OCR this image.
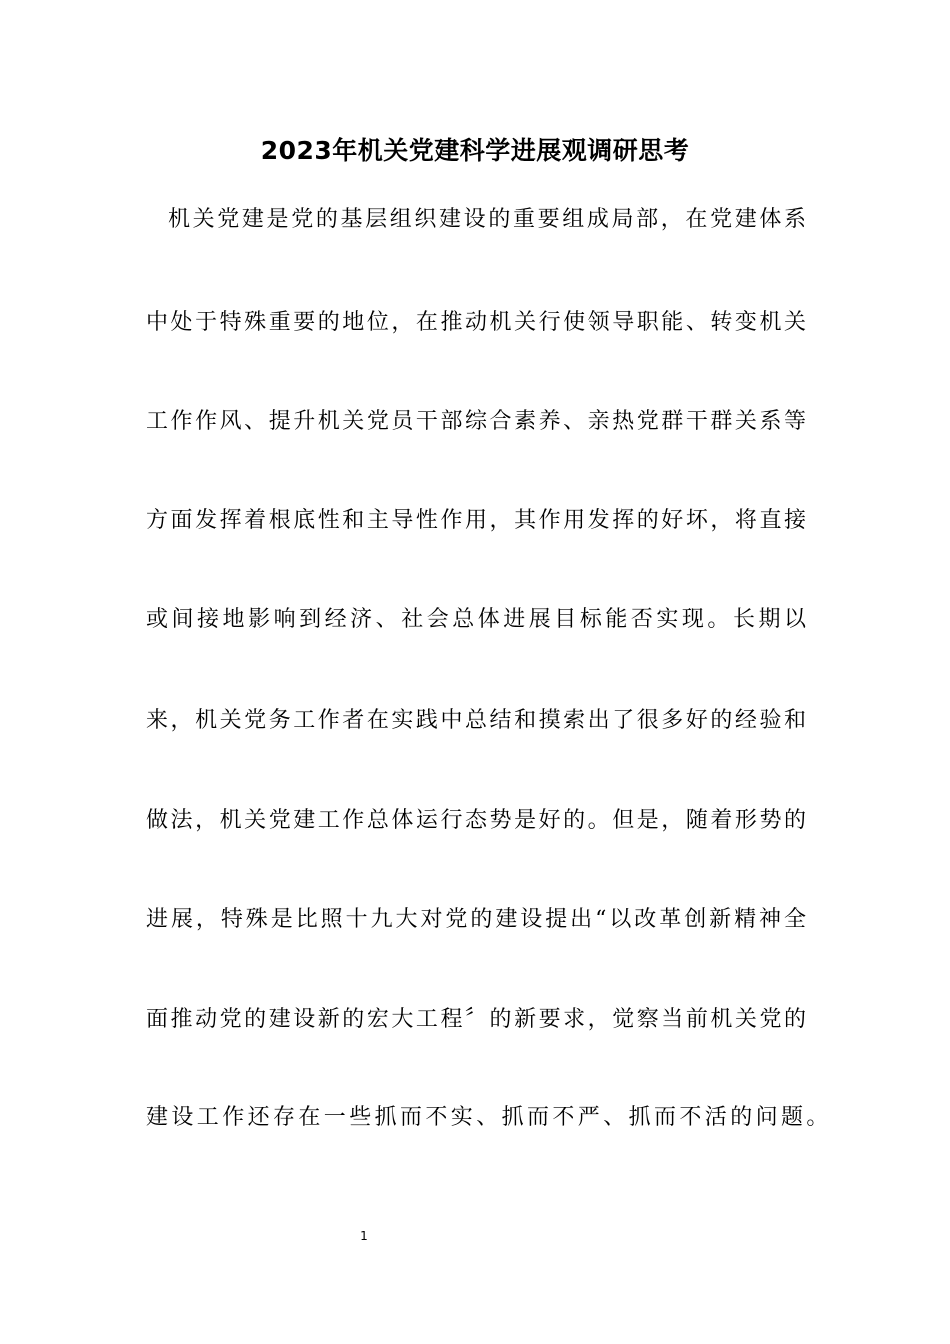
2023年机关党建科学进展观调研思考
机关党建是党的基层组织建设的重要组成局部，在党建体系
中处于特殊重要的地位，在推动机关行使领导职能、转变机关
工作作风、提升机关党员干部综合素养、亲热党群干群关系等
方面发挥着根底性和主导性作用，其作用发挥的好坏，将直接
或间接地影响到经济、社会总体进展目标能否实现。长期以
来，机关党务工作者在实践中总结和摸索出了很多好的经验和
做法，机关党建工作总体运行态势是好的。但是，随着形势的
进展，特殊是比照十九大对党的建设提出“以改革创新精神全
面推动党的建设新的宏大工程〞的新要求，觉察当前机关党的
建设工作还存在一些抓而不实、抓而不严、抓而不活的问题。
1
